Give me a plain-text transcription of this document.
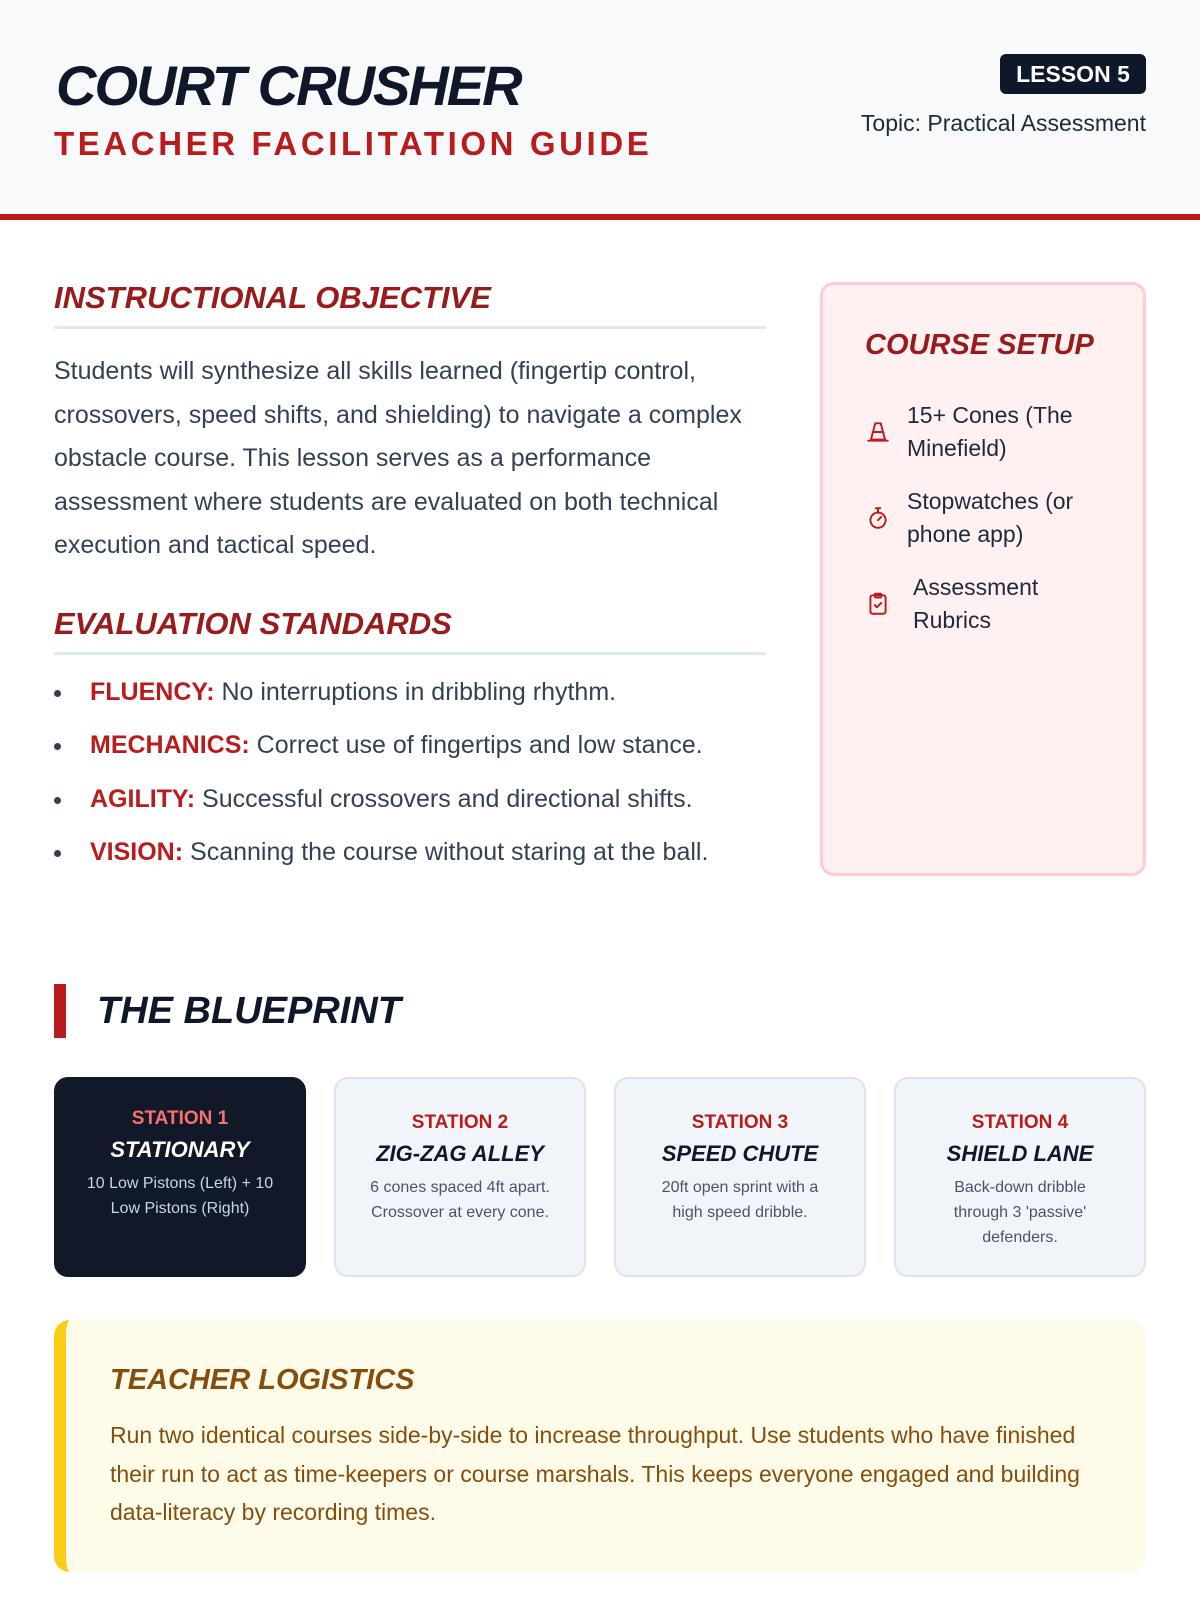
COURT CRUSHER
TEACHER FACILITATION GUIDE
LESSON 5
Topic: Practical Assessment
INSTRUCTIONAL OBJECTIVE
Students will synthesize all skills learned (fingertip control, crossovers, speed shifts, and shielding) to navigate a complex obstacle course. This lesson serves as a performance assessment where students are evaluated on both technical execution and tactical speed.
EVALUATION STANDARDS
FLUENCY: No interruptions in dribbling rhythm.
MECHANICS: Correct use of fingertips and low stance.
AGILITY: Successful crossovers and directional shifts.
VISION: Scanning the course without staring at the ball.
COURSE SETUP
15+ Cones (The Minefield)
Stopwatches (or phone app)
Assessment Rubrics
THE BLUEPRINT
STATION 1
STATIONARY
10 Low Pistons (Left) + 10 Low Pistons (Right)
STATION 2
ZIG-ZAG ALLEY
6 cones spaced 4ft apart. Crossover at every cone.
STATION 3
SPEED CHUTE
20ft open sprint with a high speed dribble.
STATION 4
SHIELD LANE
Back-down dribble through 3 'passive' defenders.
TEACHER LOGISTICS
Run two identical courses side-by-side to increase throughput. Use students who have finished their run to act as time-keepers or course marshals. This keeps everyone engaged and building data-literacy by recording times.
